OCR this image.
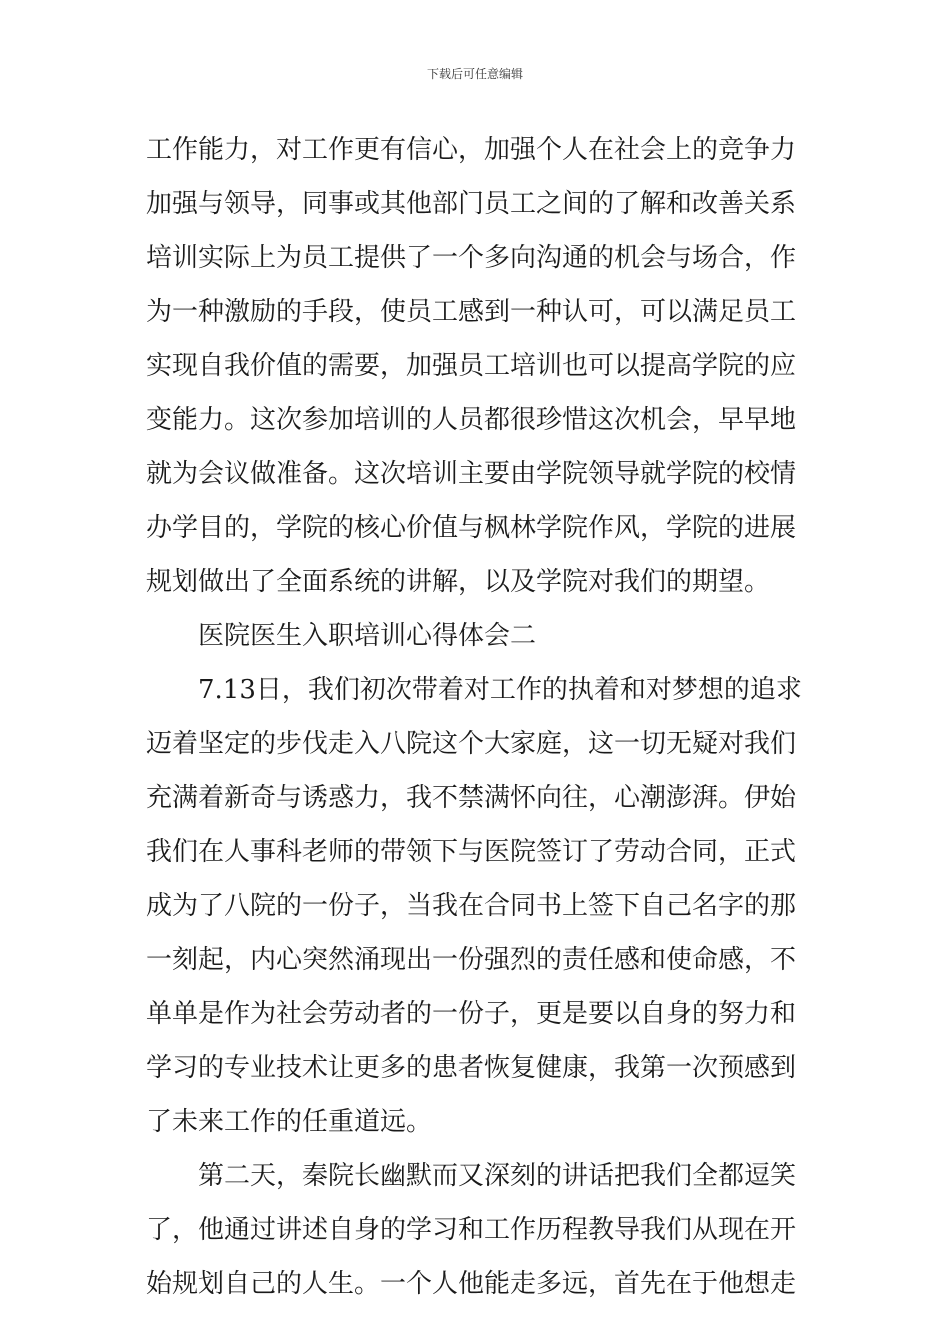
下载后可任意编辑
工作能力，对工作更有信心，加强个人在社会上的竞争力
加强与领导，同事或其他部门员工之间的了解和改善关系
培训实际上为员工提供了一个多向沟通的机会与场合，作
为一种激励的手段，使员工感到一种认可，可以满足员工
实现自我价值的需要，加强员工培训也可以提高学院的应
变能力。这次参加培训的人员都很珍惜这次机会，早早地
就为会议做准备。这次培训主要由学院领导就学院的校情
办学目的，学院的核心价值与枫林学院作风，学院的进展
规划做出了全面系统的讲解，以及学院对我们的期望。
医院医生入职培训心得体会二
7.13日，我们初次带着对工作的执着和对梦想的追求
迈着坚定的步伐走入八院这个大家庭，这一切无疑对我们
充满着新奇与诱惑力，我不禁满怀向往，心潮澎湃。伊始
我们在人事科老师的带领下与医院签订了劳动合同，正式
成为了八院的一份子，当我在合同书上签下自己名字的那
一刻起，内心突然涌现出一份强烈的责任感和使命感，不
单单是作为社会劳动者的一份子，更是要以自身的努力和
学习的专业技术让更多的患者恢复健康，我第一次预感到
了未来工作的任重道远。
第二天，秦院长幽默而又深刻的讲话把我们全都逗笑
了，他通过讲述自身的学习和工作历程教导我们从现在开
始规划自己的人生。一个人他能走多远，首先在于他想走
